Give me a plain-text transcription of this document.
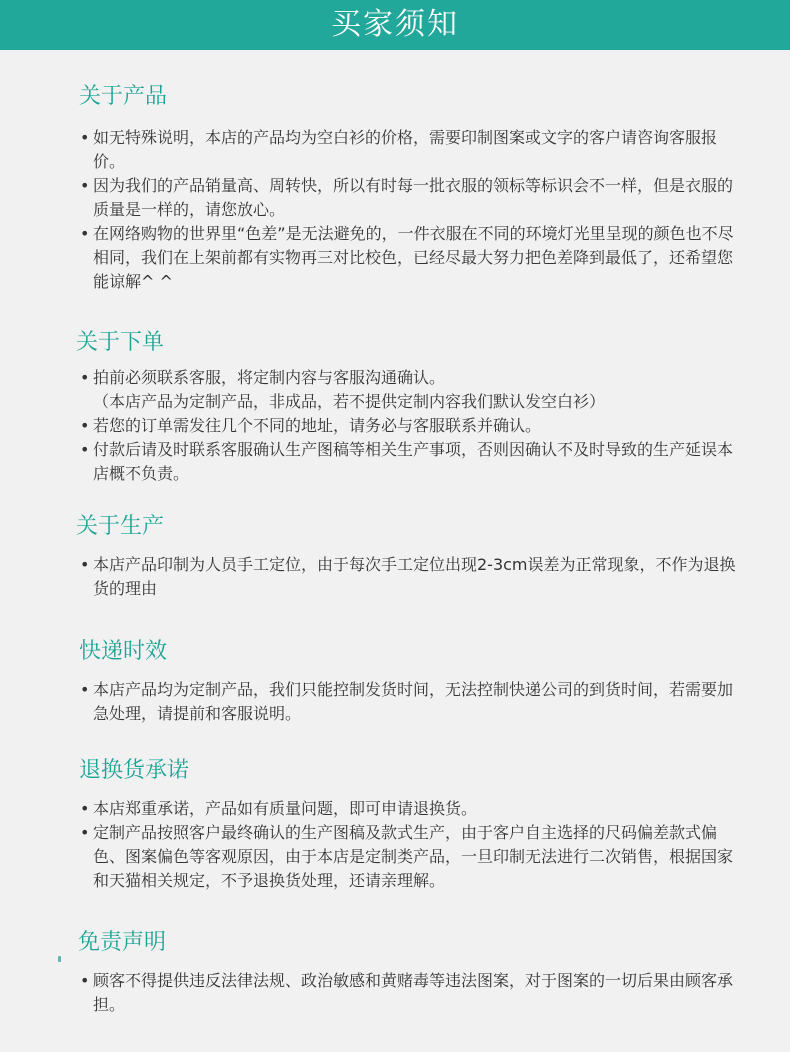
买家须知
关于产品
• 如无特殊说明，本店的产品均为空白衫的价格，需要印制图案或文字的客户请咨询客服报价。
• 因为我们的产品销量高、周转快，所以有时每一批衣服的领标等标识会不一样，但是衣服的质量是一样的，请您放心。
• 在网络购物的世界里“色差”是无法避免的，一件衣服在不同的环境灯光里呈现的颜色也不尽相同，我们在上架前都有实物再三对比校色，已经尽最大努力把色差降到最低了，还希望您能谅解^ ^
关于下单
• 拍前必须联系客服，将定制内容与客服沟通确认。
（本店产品为定制产品，非成品，若不提供定制内容我们默认发空白衫）
• 若您的订单需发往几个不同的地址，请务必与客服联系并确认。
• 付款后请及时联系客服确认生产图稿等相关生产事项，否则因确认不及时导致的生产延误本店概不负责。
关于生产
• 本店产品印制为人员手工定位，由于每次手工定位出现2-3cm误差为正常现象，不作为退换货的理由
快递时效
• 本店产品均为定制产品，我们只能控制发货时间，无法控制快递公司的到货时间，若需要加急处理，请提前和客服说明。
退换货承诺
• 本店郑重承诺，产品如有质量问题，即可申请退换货。
• 定制产品按照客户最终确认的生产图稿及款式生产，由于客户自主选择的尺码偏差款式偏色、图案偏色等客观原因，由于本店是定制类产品，一旦印制无法进行二次销售，根据国家和天猫相关规定，不予退换货处理，还请亲理解。
免责声明
• 顾客不得提供违反法律法规、政治敏感和黄赌毒等违法图案，对于图案的一切后果由顾客承担。
